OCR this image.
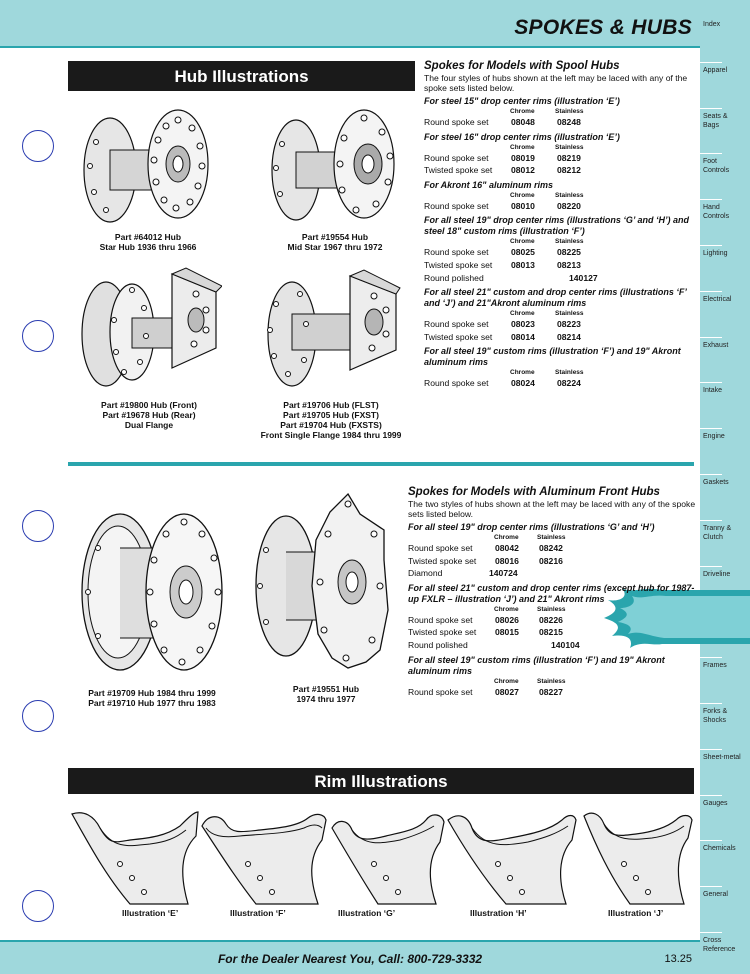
SPOKES & HUBS	Index
Apparel
Seats & Bags
Foot Controls
Hand Controls
Lighting
Electrical
Exhaust
Intake
Engine
Gaskets
Tranny & Clutch
Driveline
Frames
Forks & Shocks
Sheet-metal
Gauges
Chemicals
General
Cross Reference
Hub Illustrations
Part #64012 Hub
Star Hub 1936 thru 1966
Part #19554 Hub
Mid Star 1967 thru 1972
Part #19800 Hub (Front)
Part #19678 Hub (Rear)
Dual Flange
Part #19706 Hub (FLST)
Part #19705 Hub (FXST)
Part #19704 Hub (FXSTS)
Front Single Flange 1984 thru 1999
Spokes for Models with Spool Hubs
The four styles of hubs shown at the left may be laced with any of the spoke sets listed below.
For steel 15" drop center rims (illustration ‘E’)
Chrome	Stainless
Round spoke set	08048	08248
For steel 16" drop center rims (illustration ‘E’)
Chrome	Stainless
Round spoke set	08019	08219
Twisted spoke set 08012	08212
For Akront 16" aluminum rims
Chrome	Stainless
Round spoke set	08010	08220
For all steel 19" drop center rims (illustrations ‘G’ and ‘H’) and steel 18" custom rims (illustration ‘F’)
Chrome	Stainless
Round spoke set	08025	08225
Twisted spoke set 08013	08213
Round polished	140127
For all steel 21" custom and drop center rims (illustrations ‘F’ and ‘J’) and 21"Akront aluminum rims
Chrome	Stainless
Round spoke set	08023	08223
Twisted spoke set 08014	08214
For all steel 19" custom rims (illustration ‘F’) and 19" Akront aluminum rims
Chrome	Stainless
Round spoke set	08024	08224
Part #19709 Hub 1984 thru 1999
Part #19710 Hub 1977 thru 1983
Part #19551 Hub
1974 thru 1977
Spokes for Models with Aluminum Front Hubs
The two styles of hubs shown at the left may be laced with any of the spoke sets listed below.
For all steel 19" drop center rims (illustrations ‘G’ and ‘H’)
Chrome	Stainless
Round spoke set	08042 08242
Twisted spoke set 08016 08216
Diamond	140724
For all steel 21" custom and drop center rims (except hub for 1987-up FXLR – illustration ‘J’) and 21" Akront rims
Chrome	Stainless
Round spoke set	08026 08226
Twisted spoke set 08015 08215
Round polished	140104
For all steel 19" custom rims (illustration ‘F’) and 19" Akront aluminum rims
Chrome	Stainless
Round spoke set	08027 08227
Rim Illustrations
Illustration ‘E’	Illustration ‘F’	Illustration ‘G’	Illustration ‘H’	Illustration ‘J’
For the Dealer Nearest You, Call: 800-729-3332	13.25
